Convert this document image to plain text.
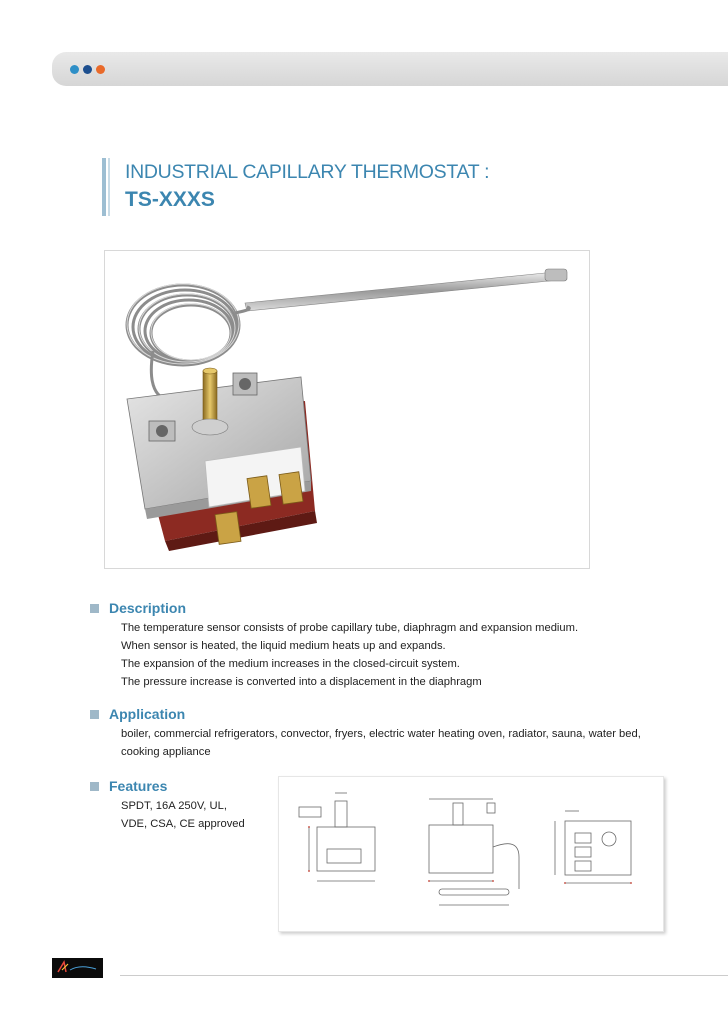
INDUSTRIAL CAPILLARY THERMOSTAT :
TS-XXXS
Description
The temperature sensor consists of probe capillary tube, diaphragm and expansion medium.
When sensor is heated, the liquid medium heats up and expands.
The expansion of the medium increases in the closed-circuit system.
The pressure increase is converted into a displacement in the diaphragm
Application
boiler, commercial refrigerators, convector, fryers, electric water heating oven, radiator, sauna, water bed,
cooking appliance
Features
SPDT, 16A 250V, UL,
VDE, CSA, CE approved
